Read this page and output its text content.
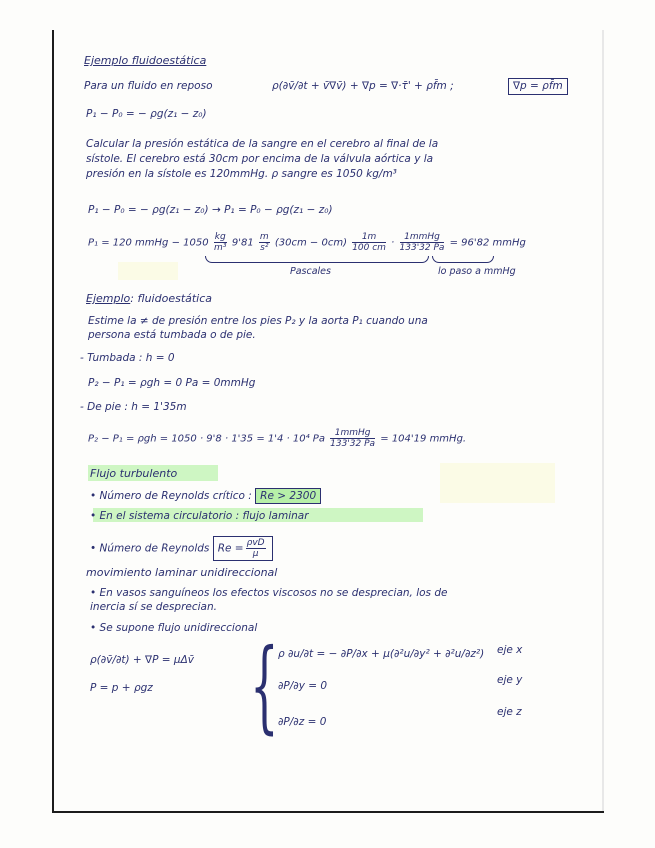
Ejemplo fluidoestática
Para un fluido en reposo	ρ(∂v̄/∂t + v̄∇v̄) + ∇p = ∇·τ̄' + ρf̄m ;	∇p = ρf̄m
P₁ − P₀ = − ρg(z₁ − z₀)
Calcular la presión estática de la sangre en el cerebro al final de la
sístole. El cerebro está 30cm por encima de la válvula aórtica y la
presión en la sístole es 120mmHg. ρ sangre es 1050 kg/m³
P₁ − P₀ = − ρg(z₁ − z₀) → P₁ = P₀ − ρg(z₁ − z₀)
P₁ = 120 mmHg − $1050 \frac{kg}{\text{m³}} 9'81 \frac{m}{\text{s²}} (30cm - 0cm) \frac{1m}{100 cm} \cdot \frac{\text{1mmHg}}{133'32 Pa} = 96'82$ mmHg
Pascales	lo paso a mmHg
Ejemplo: fluidoestática
Estime la ≠ de presión entre los pies P₂ y la aorta P₁ cuando una
persona está tumbada o de pie.
- Tumbada : h = 0
P₂ − P₁ = ρgh = 0 Pa = 0mmHg
- De pie : h = 1'35m
P₂ − P₁ = ρgh = 1050 · 9'8 · 1'35 = 1'4 · 10⁴ Pa $\frac{\text{1mmHg}}{133'32 Pa} = 104'19$ mmHg.
Flujo turbulento
• Número de Reynolds crítico : Re > 2300
• En el sistema circulatorio : flujo laminar
• Número de Reynolds $Re = \frac{\text{ρvD}}{\mu}$
movimiento laminar unidireccional
• En vasos sanguíneos los efectos viscosos no se desprecian, los de
inercia sí se desprecian.
• Se supone flujo unidireccional
ρ(∂v̄/∂t) + ∇P = μΔv̄
P = p + ρgz { ρ ∂u/∂t = − ∂P/∂x + μ(∂²u/∂y² + ∂²u/∂z²)
∂P/∂y = 0
∂P/∂z = 0
eje x
eje y
eje z
